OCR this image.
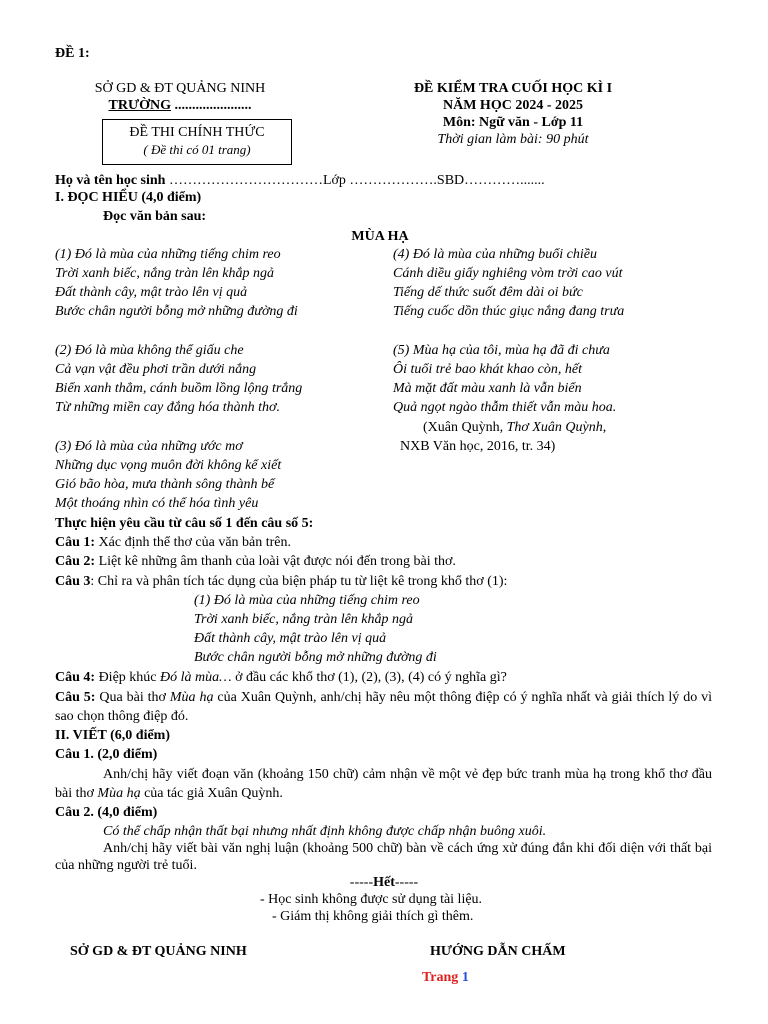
ĐỀ 1:
SỞ GD & ĐT QUẢNG NINH
TRƯỜNG ......................
ĐỀ THI CHÍNH THỨC
( Đề thi có 01 trang)
ĐỀ KIỂM TRA CUỐI HỌC KÌ I
NĂM HỌC 2024 - 2025
Môn: Ngữ văn - Lớp 11
Thời gian làm bài: 90 phút
Họ và tên học sinh ……………………………Lớp ……………….SBD………….......
I. ĐỌC HIỂU (4,0 điểm)
Đọc văn bản sau:
MÙA HẠ
(1) Đó là mùa của những tiếng chim reo
Trời xanh biếc, nắng tràn lên khắp ngả
Đất thành cây, mật trào lên vị quả
Bước chân người bỗng mở những đường đi
(2) Đó là mùa không thể giấu che
Cả vạn vật đều phơi trần dưới nắng
Biển xanh thẳm, cánh buồm lồng lộng trắng
Từ những miền cay đắng hóa thành thơ.
(3) Đó là mùa của những ước mơ
Những dục vọng muôn đời không kể xiết
Gió bão hòa, mưa thành sông thành bể
Một thoáng nhìn có thể hóa tình yêu
(4) Đó là mùa của những buổi chiều
Cánh diều giấy nghiêng vòm trời cao vút
Tiếng dế thức suốt đêm dài oi bức
Tiếng cuốc dồn thúc giục nắng đang trưa
(5) Mùa hạ của tôi, mùa hạ đã đi chưa
Ôi tuổi trẻ bao khát khao còn, hết
Mà mặt đất màu xanh là vẫn biển
Quả ngọt ngào thẫm thiết vẫn màu hoa.
(Xuân Quỳnh, Thơ Xuân Quỳnh,
NXB Văn học, 2016, tr. 34)
Thực hiện yêu cầu từ câu số 1 đến câu số 5:
Câu 1: Xác định thể thơ của văn bản trên.
Câu 2: Liệt kê những âm thanh của loài vật được nói đến trong bài thơ.
Câu 3: Chỉ ra và phân tích tác dụng của biện pháp tu từ liệt kê trong khổ thơ (1):
(1) Đó là mùa của những tiếng chim reo
Trời xanh biếc, nắng tràn lên khắp ngả
Đất thành cây, mật trào lên vị quả
Bước chân người bỗng mở những đường đi
Câu 4: Điệp khúc Đó là mùa… ở đầu các khổ thơ (1), (2), (3), (4) có ý nghĩa gì?
Câu 5: Qua bài thơ Mùa hạ của Xuân Quỳnh, anh/chị hãy nêu một thông điệp có ý nghĩa nhất và giải thích lý do vì sao chọn thông điệp đó.
II. VIẾT (6,0 điểm)
Câu 1. (2,0 điểm)
Anh/chị hãy viết đoạn văn (khoảng 150 chữ) cảm nhận về một vẻ đẹp bức tranh mùa hạ trong khổ thơ đầu bài thơ Mùa hạ của tác giả Xuân Quỳnh.
Câu 2. (4,0 điểm)
Có thể chấp nhận thất bại nhưng nhất định không được chấp nhận buông xuôi.
Anh/chị hãy viết bài văn nghị luận (khoảng 500 chữ) bàn về cách ứng xử đúng đắn khi đối diện với thất bại của những người trẻ tuổi.
-----Hết-----
- Học sinh không được sử dụng tài liệu.
- Giám thị không giải thích gì thêm.
SỞ GD & ĐT QUẢNG NINH	HƯỚNG DẪN CHẤM
Trang 1
